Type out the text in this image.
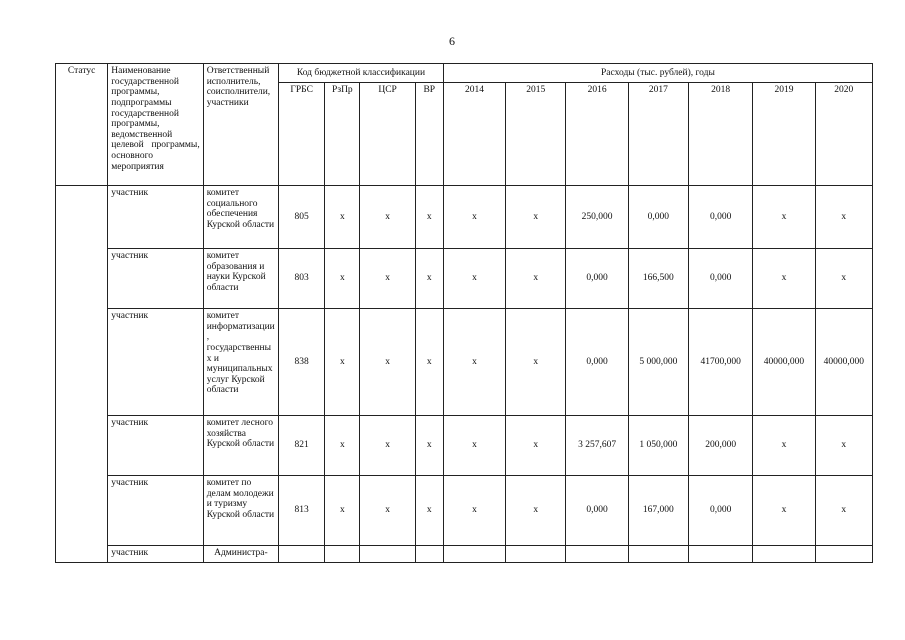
6
Статус	Наименование государственной программы, подпрограммы государственной программы, ведомственной целевой программы, основного мероприятия	Ответственный исполнитель, соисполнители, участники	Код бюджетной классификации				Расходы (тыс. рублей), годы						
			ГРБС	РзПр	ЦСР	ВР	2014	2015	2016	2017	2018	2019	2020
	участник	комитет социального обеспечения Курской области	805	х	х	х	х	х	250,000	0,000	0,000	х	х
	участник	комитет образования и науки Курской области	803	х	х	х	х	х	0,000	166,500	0,000	х	х
	участник	комитет информатизации, государственных и муниципальных услуг Курской области	838	х	х	х	х	х	0,000	5 000,000	41700,000	40000,000	40000,000
	участник	комитет лесного хозяйства Курской области	821	х	х	х	х	х	3 257,607	1 050,000	200,000	х	х
	участник	комитет по делам молодежи и туризму Курской области	813	х	х	х	х	х	0,000	167,000	0,000	х	х
	участник	Администра-											
